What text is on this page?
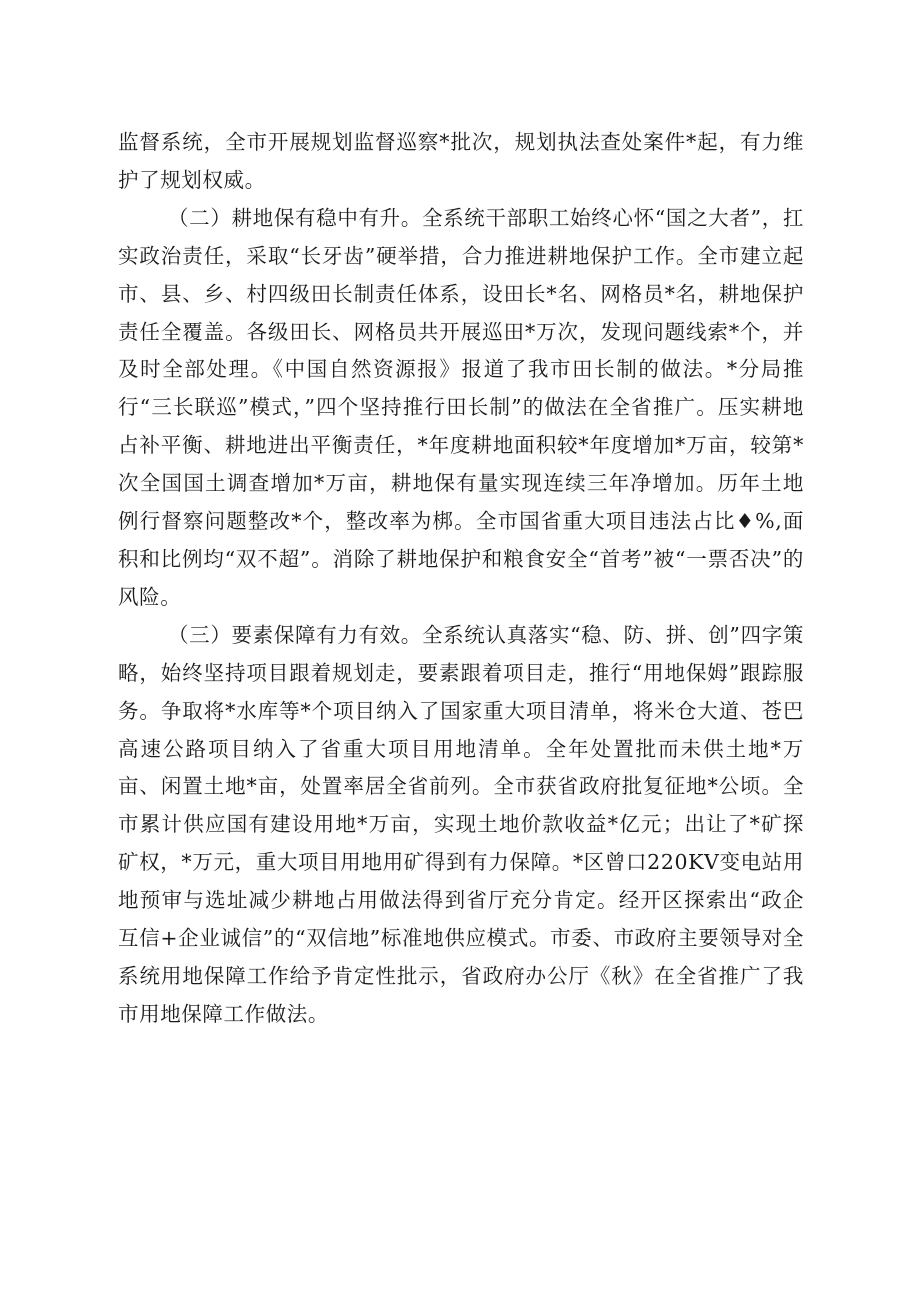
监督系统，全市开展规划监督巡察*批次，规划执法查处案件*起，有力维护了规划权威。

（二）耕地保有稳中有升。全系统干部职工始终心怀“国之大者”，扛实政治责任，采取“长牙齿”硬举措，合力推进耕地保护工作。全市建立起市、县、乡、村四级田长制责任体系，设田长*名、网格员*名，耕地保护责任全覆盖。各级田长、网格员共开展巡田*万次，发现问题线索*个，并及时全部处理。《中国自然资源报》报道了我市田长制的做法。*分局推行“三长联巡”模式，”四个坚持推行田长制”的做法在全省推广。压实耕地占补平衡、耕地进出平衡责任，*年度耕地面积较*年度增加*万亩，较第*次全国国土调查增加*万亩，耕地保有量实现连续三年净增加。历年土地例行督察问题整改*个，整改率为梆。全市国省重大项目违法占比♦%,面积和比例均“双不超”。消除了耕地保护和粮食安全“首考”被“一票否决”的风险。

（三）要素保障有力有效。全系统认真落实“稳、防、拼、创”四字策略，始终坚持项目跟着规划走，要素跟着项目走，推行“用地保姆”跟踪服务。争取将*水库等*个项目纳入了国家重大项目清单，将米仓大道、苍巴高速公路项目纳入了省重大项目用地清单。全年处置批而未供土地*万亩、闲置土地*亩，处置率居全省前列。全市获省政府批复征地*公顷。全市累计供应国有建设用地*万亩，实现土地价款收益*亿元；出让了*矿探矿权，*万元，重大项目用地用矿得到有力保障。*区曾口220KV变电站用地预审与选址减少耕地占用做法得到省厅充分肯定。经开区探索出“政企互信+企业诚信”的“双信地”标准地供应模式。市委、市政府主要领导对全系统用地保障工作给予肯定性批示，省政府办公厅《秋》在全省推广了我市用地保障工作做法。
